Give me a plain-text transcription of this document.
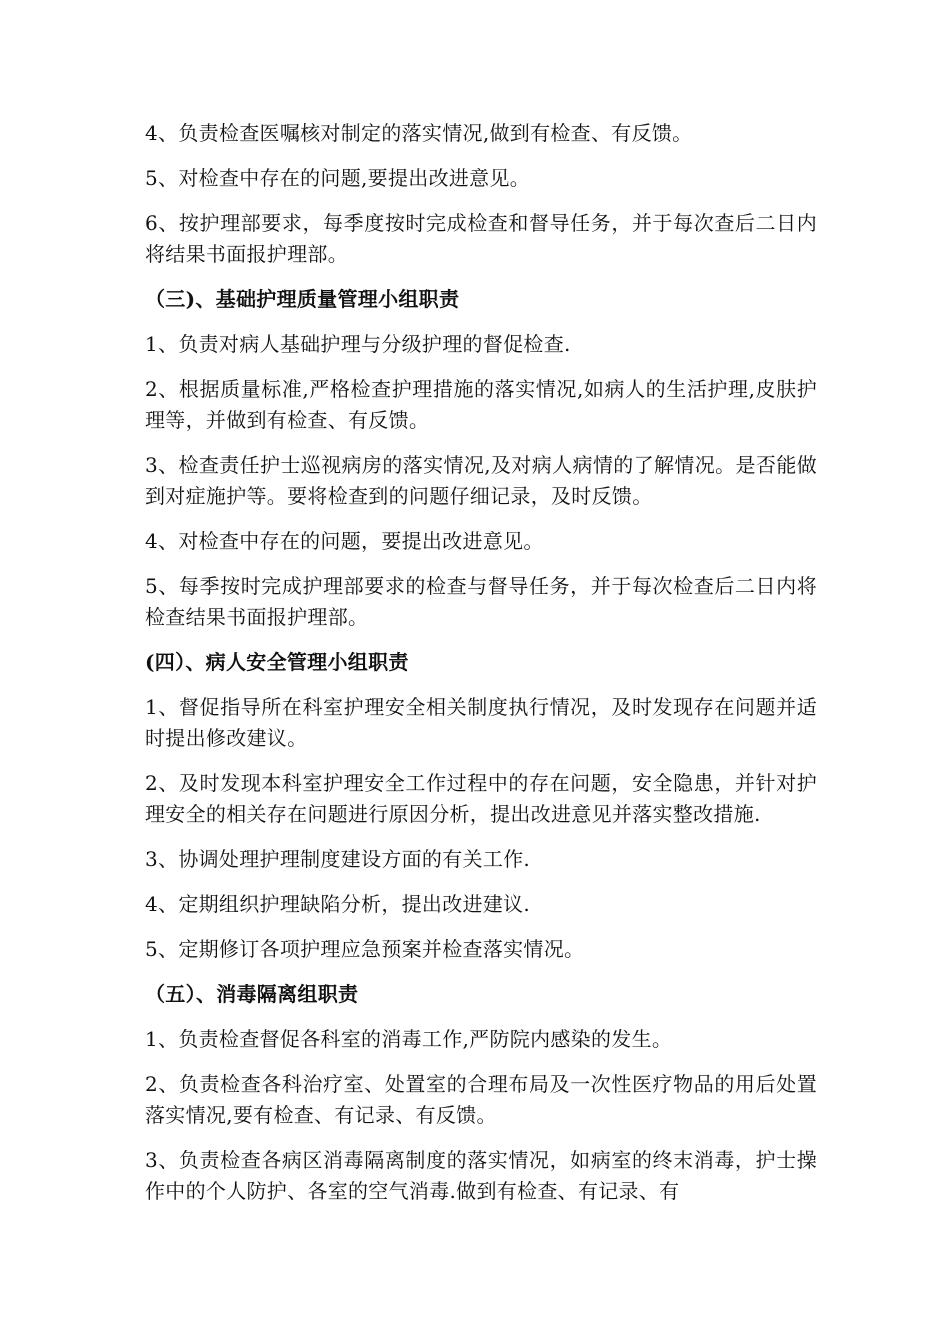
4、负责检查医嘱核对制定的落实情况,做到有检查、有反馈。

5、对检查中存在的问题,要提出改进意见。

6、按护理部要求，每季度按时完成检查和督导任务，并于每次查后二日内将结果书面报护理部。

（三)、基础护理质量管理小组职责

1、负责对病人基础护理与分级护理的督促检查.

2、根据质量标准,严格检查护理措施的落实情况,如病人的生活护理,皮肤护理等，并做到有检查、有反馈。

3、检查责任护士巡视病房的落实情况,及对病人病情的了解情况。是否能做到对症施护等。要将检查到的问题仔细记录，及时反馈。

4、对检查中存在的问题，要提出改进意见。

5、每季按时完成护理部要求的检查与督导任务，并于每次检查后二日内将检查结果书面报护理部。

(四）、病人安全管理小组职责

1、督促指导所在科室护理安全相关制度执行情况，及时发现存在问题并适时提出修改建议。

2、及时发现本科室护理安全工作过程中的存在问题，安全隐患，并针对护理安全的相关存在问题进行原因分析，提出改进意见并落实整改措施.

3、协调处理护理制度建设方面的有关工作.

4、定期组织护理缺陷分析，提出改进建议.

5、定期修订各项护理应急预案并检查落实情况。

（五）、消毒隔离组职责

1、负责检查督促各科室的消毒工作,严防院内感染的发生。

2、负责检查各科治疗室、处置室的合理布局及一次性医疗物品的用后处置落实情况,要有检查、有记录、有反馈。

3、负责检查各病区消毒隔离制度的落实情况，如病室的终末消毒，护士操作中的个人防护、各室的空气消毒.做到有检查、有记录、有
